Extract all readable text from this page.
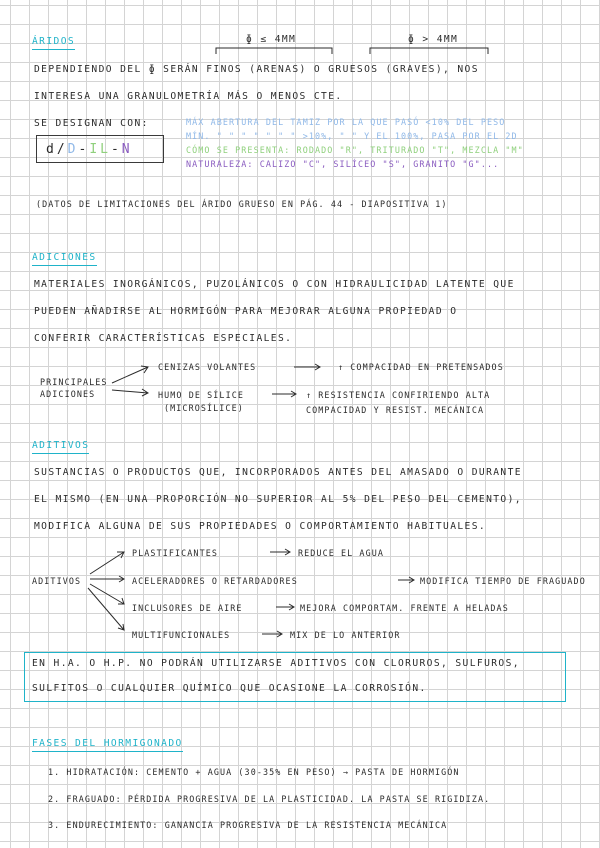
ÁRIDOS	ɸ ≤ 4MM	ɸ > 4MM
DEPENDIENDO DEL ɸ SERÁN FINOS (ARENAS) O GRUESOS (GRAVES), NOS
INTERESA UNA GRANULOMETRÍA MÁS O MENOS CTE.
SE DESIGNAN CON:
d/D-IL-N
MÁX ABERTURA DEL TAMIZ POR LA QUE PASÓ <10% DEL PESO
MÍN. " " " " " " " >10%, " " Y EL 100%, PASA POR EL 2D
CÓMO SE PRESENTA: RODADO "R", TRITURADO "T", MEZCLA "M"
NATURALEZA: CALIZO "C", SILÍCEO "S", GRANITO "G"...
(DATOS DE LIMITACIONES DEL ÁRIDO GRUESO EN PÁG. 44 - DIAPOSITIVA 1)
ADICIONES
MATERIALES INORGÁNICOS, PUZOLÁNICOS O CON HIDRAULICIDAD LATENTE QUE
PUEDEN AÑADIRSE AL HORMIGÓN PARA MEJORAR ALGUNA PROPIEDAD O
CONFERIR CARACTERÍSTICAS ESPECIALES.
PRINCIPALES
ADICIONES
CENIZAS VOLANTES	↑ COMPACIDAD EN PRETENSADOS
HUMO DE SÍLICE
(MICROSÍLICE)
↑ RESISTENCIA CONFIRIENDO ALTA
COMPACIDAD Y RESIST. MECÁNICA
ADITIVOS
SUSTANCIAS O PRODUCTOS QUE, INCORPORADOS ANTES DEL AMASADO O DURANTE
EL MISMO (EN UNA PROPORCIÓN NO SUPERIOR AL 5% DEL PESO DEL CEMENTO),
MODIFICA ALGUNA DE SUS PROPIEDADES O COMPORTAMIENTO HABITUALES.
ADITIVOS
PLASTIFICANTES	REDUCE EL AGUA
ACELERADORES O RETARDADORES	MODIFICA TIEMPO DE FRAGUADO
INCLUSORES DE AIRE	MEJORA COMPORTAM. FRENTE A HELADAS
MULTIFUNCIONALES	MIX DE LO ANTERIOR
EN H.A. O H.P. NO PODRÁN UTILIZARSE ADITIVOS CON CLORUROS, SULFUROS,
SULFITOS O CUALQUIER QUÍMICO QUE OCASIONE LA CORROSIÓN.
FASES DEL HORMIGONADO
1. HIDRATACIÓN: CEMENTO + AGUA (30-35% EN PESO) → PASTA DE HORMIGÓN
2. FRAGUADO: PÉRDIDA PROGRESIVA DE LA PLASTICIDAD. LA PASTA SE RIGIDIZA.
3. ENDURECIMIENTO: GANANCIA PROGRESIVA DE LA RESISTENCIA MECÁNICA
